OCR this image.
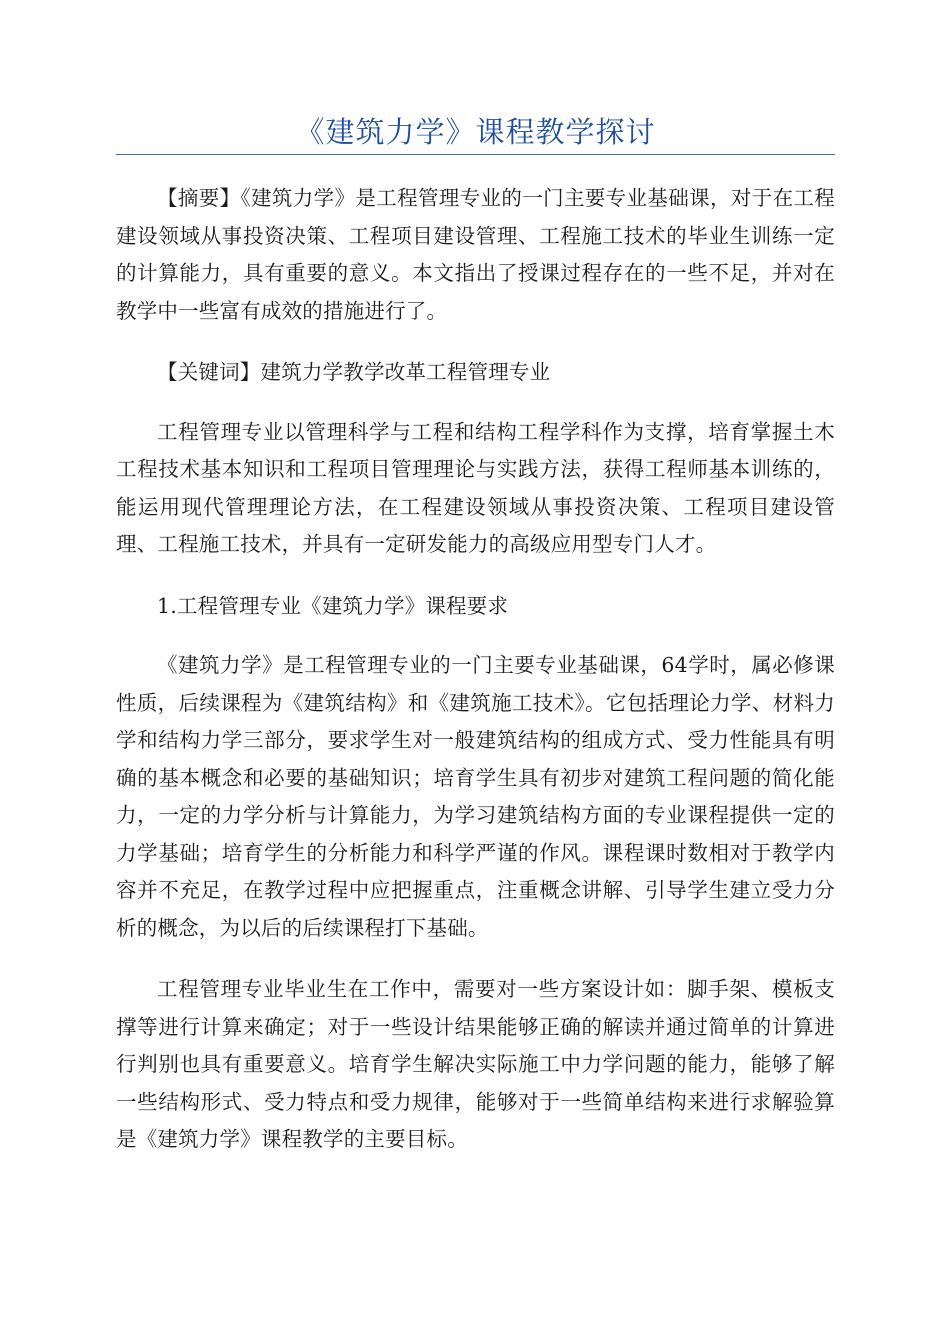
《建筑力学》课程教学探讨

【摘要】《建筑力学》是工程管理专业的一门主要专业基础课，对于在工程建设领域从事投资决策、工程项目建设管理、工程施工技术的毕业生训练一定的计算能力，具有重要的意义。本文指出了授课过程存在的一些不足，并对在教学中一些富有成效的措施进行了。

【关键词】建筑力学教学改革工程管理专业

工程管理专业以管理科学与工程和结构工程学科作为支撑，培育掌握土木工程技术基本知识和工程项目管理理论与实践方法，获得工程师基本训练的，能运用现代管理理论方法，在工程建设领域从事投资决策、工程项目建设管理、工程施工技术，并具有一定研发能力的高级应用型专门人才。

1.工程管理专业《建筑力学》课程要求

《建筑力学》是工程管理专业的一门主要专业基础课，64学时，属必修课性质，后续课程为《建筑结构》和《建筑施工技术》。它包括理论力学、材料力学和结构力学三部分，要求学生对一般建筑结构的组成方式、受力性能具有明确的基本概念和必要的基础知识；培育学生具有初步对建筑工程问题的简化能力，一定的力学分析与计算能力，为学习建筑结构方面的专业课程提供一定的力学基础；培育学生的分析能力和科学严谨的作风。课程课时数相对于教学内容并不充足，在教学过程中应把握重点，注重概念讲解、引导学生建立受力分析的概念，为以后的后续课程打下基础。

工程管理专业毕业生在工作中，需要对一些方案设计如：脚手架、模板支撑等进行计算来确定；对于一些设计结果能够正确的解读并通过简单的计算进行判别也具有重要意义。培育学生解决实际施工中力学问题的能力，能够了解一些结构形式、受力特点和受力规律，能够对于一些简单结构来进行求解验算是《建筑力学》课程教学的主要目标。
